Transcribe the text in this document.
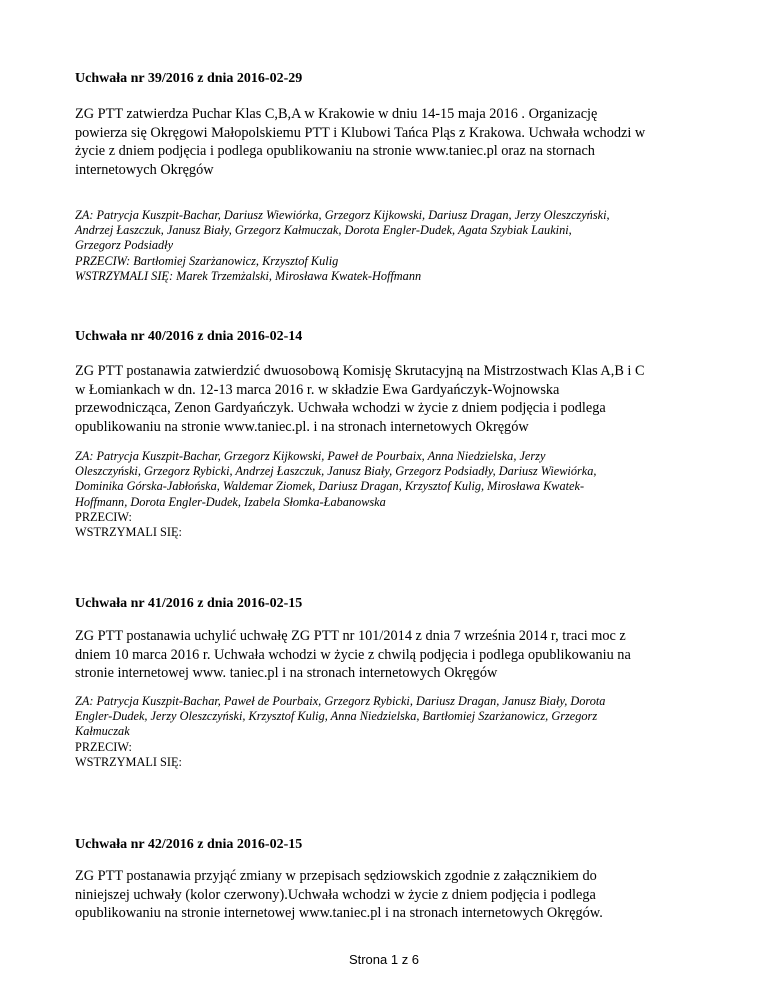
Uchwała nr 39/2016 z dnia 2016-02-29
ZG PTT zatwierdza Puchar Klas C,B,A w Krakowie w dniu 14-15 maja 2016 . Organizację
powierza się Okręgowi Małopolskiemu PTT i Klubowi Tańca Pląs z Krakowa. Uchwała wchodzi w
życie z dniem podjęcia i podlega opublikowaniu na stronie www.taniec.pl oraz na stornach
internetowych Okręgów
ZA: Patrycja Kuszpit-Bachar, Dariusz Wiewiórka, Grzegorz Kijkowski, Dariusz Dragan, Jerzy Oleszczyński,
Andrzej Łaszczuk, Janusz Biały, Grzegorz Kałmuczak, Dorota Engler-Dudek, Agata Szybiak Laukini,
Grzegorz Podsiadły
PRZECIW: Bartłomiej Szarżanowicz, Krzysztof Kulig
WSTRZYMALI SIĘ: Marek Trzemżalski, Mirosława Kwatek-Hoffmann
Uchwała nr 40/2016 z dnia 2016-02-14
ZG PTT postanawia zatwierdzić dwuosobową Komisję Skrutacyjną na Mistrzostwach Klas A,B i C
w Łomiankach w dn. 12-13 marca 2016 r. w składzie Ewa Gardyańczyk-Wojnowska
przewodnicząca, Zenon Gardyańczyk. Uchwała wchodzi w życie z dniem podjęcia i podlega
opublikowaniu na stronie www.taniec.pl. i na stronach internetowych Okręgów
ZA: Patrycja Kuszpit-Bachar, Grzegorz Kijkowski, Paweł de Pourbaix, Anna Niedzielska, Jerzy
Oleszczyński, Grzegorz Rybicki, Andrzej Łaszczuk, Janusz Biały, Grzegorz Podsiadły, Dariusz Wiewiórka,
Dominika Górska-Jabłońska, Waldemar Ziomek, Dariusz Dragan, Krzysztof Kulig, Mirosława Kwatek-
Hoffmann, Dorota Engler-Dudek, Izabela Słomka-Łabanowska
PRZECIW:
WSTRZYMALI SIĘ:
Uchwała nr 41/2016 z dnia 2016-02-15
ZG PTT postanawia uchylić uchwałę ZG PTT nr 101/2014 z dnia 7 września 2014 r, traci moc z
dniem 10 marca 2016 r. Uchwała wchodzi w życie z chwilą podjęcia i podlega opublikowaniu na
stronie internetowej www. taniec.pl i na stronach internetowych Okręgów
ZA: Patrycja Kuszpit-Bachar, Paweł de Pourbaix, Grzegorz Rybicki, Dariusz Dragan, Janusz Biały, Dorota
Engler-Dudek, Jerzy Oleszczyński, Krzysztof Kulig, Anna Niedzielska, Bartłomiej Szarżanowicz, Grzegorz
Kałmuczak
PRZECIW:
WSTRZYMALI SIĘ:
Uchwała nr 42/2016 z dnia 2016-02-15
ZG PTT postanawia przyjąć zmiany w przepisach sędziowskich zgodnie z załącznikiem do
niniejszej uchwały (kolor czerwony).Uchwała wchodzi w życie z dniem podjęcia i podlega
opublikowaniu na stronie internetowej www.taniec.pl i na stronach internetowych Okręgów.
Strona 1 z 6
